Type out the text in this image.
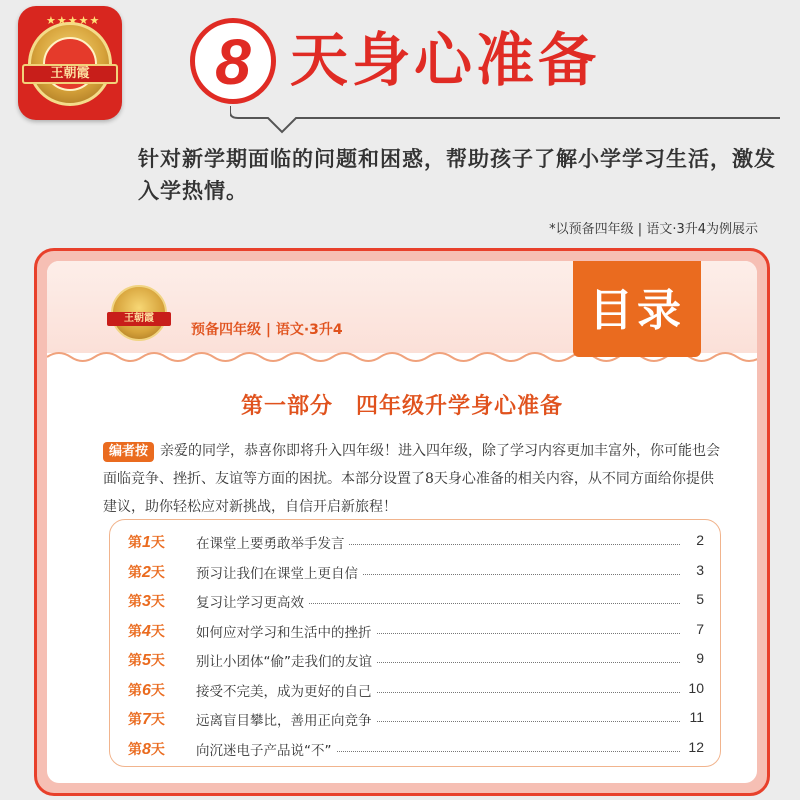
★★★★★
王朝霞	8 天身心准备
针对新学期面临的问题和困惑，帮助孩子了解小学学习生活，激发入学热情。
*以预备四年级 | 语文·3升4为例展示
王朝霞
预备四年级 | 语文·3升4	目录
第一部分　四年级升学身心准备
编者按 亲爱的同学，恭喜你即将升入四年级！进入四年级，除了学习内容更加丰富外，你可能也会面临竞争、挫折、友谊等方面的困扰。本部分设置了8天身心准备的相关内容，从不同方面给你提供建议，助你轻松应对新挑战，自信开启新旅程！
第1天 在课堂上要勇敢举手发言	2
第2天 预习让我们在课堂上更自信	3
第3天 复习让学习更高效	5
第4天 如何应对学习和生活中的挫折	7
第5天 别让小团体“偷”走我们的友谊	9
第6天 接受不完美，成为更好的自己	10
第7天 远离盲目攀比，善用正向竞争	11
第8天 向沉迷电子产品说“不”	12
